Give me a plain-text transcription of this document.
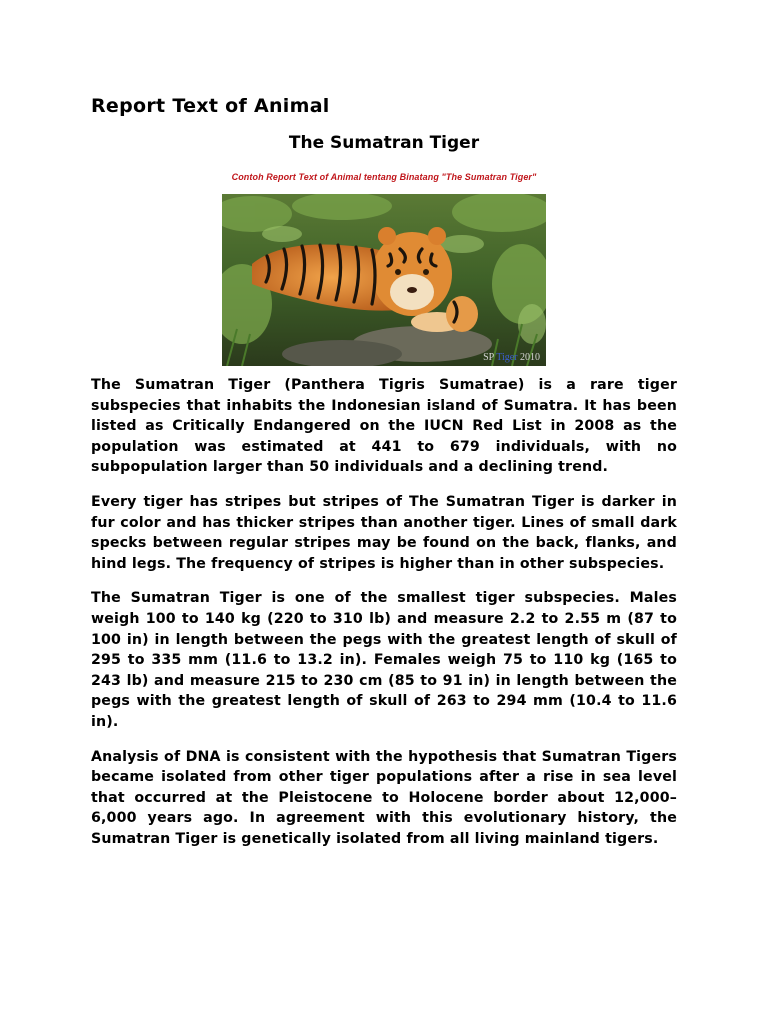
Report Text of Animal
The Sumatran Tiger
Contoh Report Text of Animal tentang Binatang "The Sumatran Tiger"
SP Tiger 2010

The Sumatran Tiger (Panthera Tigris Sumatrae) is a rare tiger subspecies that inhabits the Indonesian island of Sumatra. It has been listed as Critically Endangered on the IUCN Red List in 2008 as the population was estimated at 441 to 679 individuals, with no subpopulation larger than 50 individuals and a declining trend.

Every tiger has stripes but stripes of The Sumatran Tiger is darker in fur color and has thicker stripes than another tiger. Lines of small dark specks between regular stripes may be found on the back, flanks, and hind legs. The frequency of stripes is higher than in other subspecies.

The Sumatran Tiger is one of the smallest tiger subspecies. Males weigh 100 to 140 kg (220 to 310 lb) and measure 2.2 to 2.55 m (87 to 100 in) in length between the pegs with the greatest length of skull of 295 to 335 mm (11.6 to 13.2 in). Females weigh 75 to 110 kg (165 to 243 lb) and measure 215 to 230 cm (85 to 91 in) in length between the pegs with the greatest length of skull of 263 to 294 mm (10.4 to 11.6 in).

Analysis of DNA is consistent with the hypothesis that Sumatran Tigers became isolated from other tiger populations after a rise in sea level that occurred at the Pleistocene to Holocene border about 12,000–6,000 years ago. In agreement with this evolutionary history, the Sumatran Tiger is genetically isolated from all living mainland tigers.
